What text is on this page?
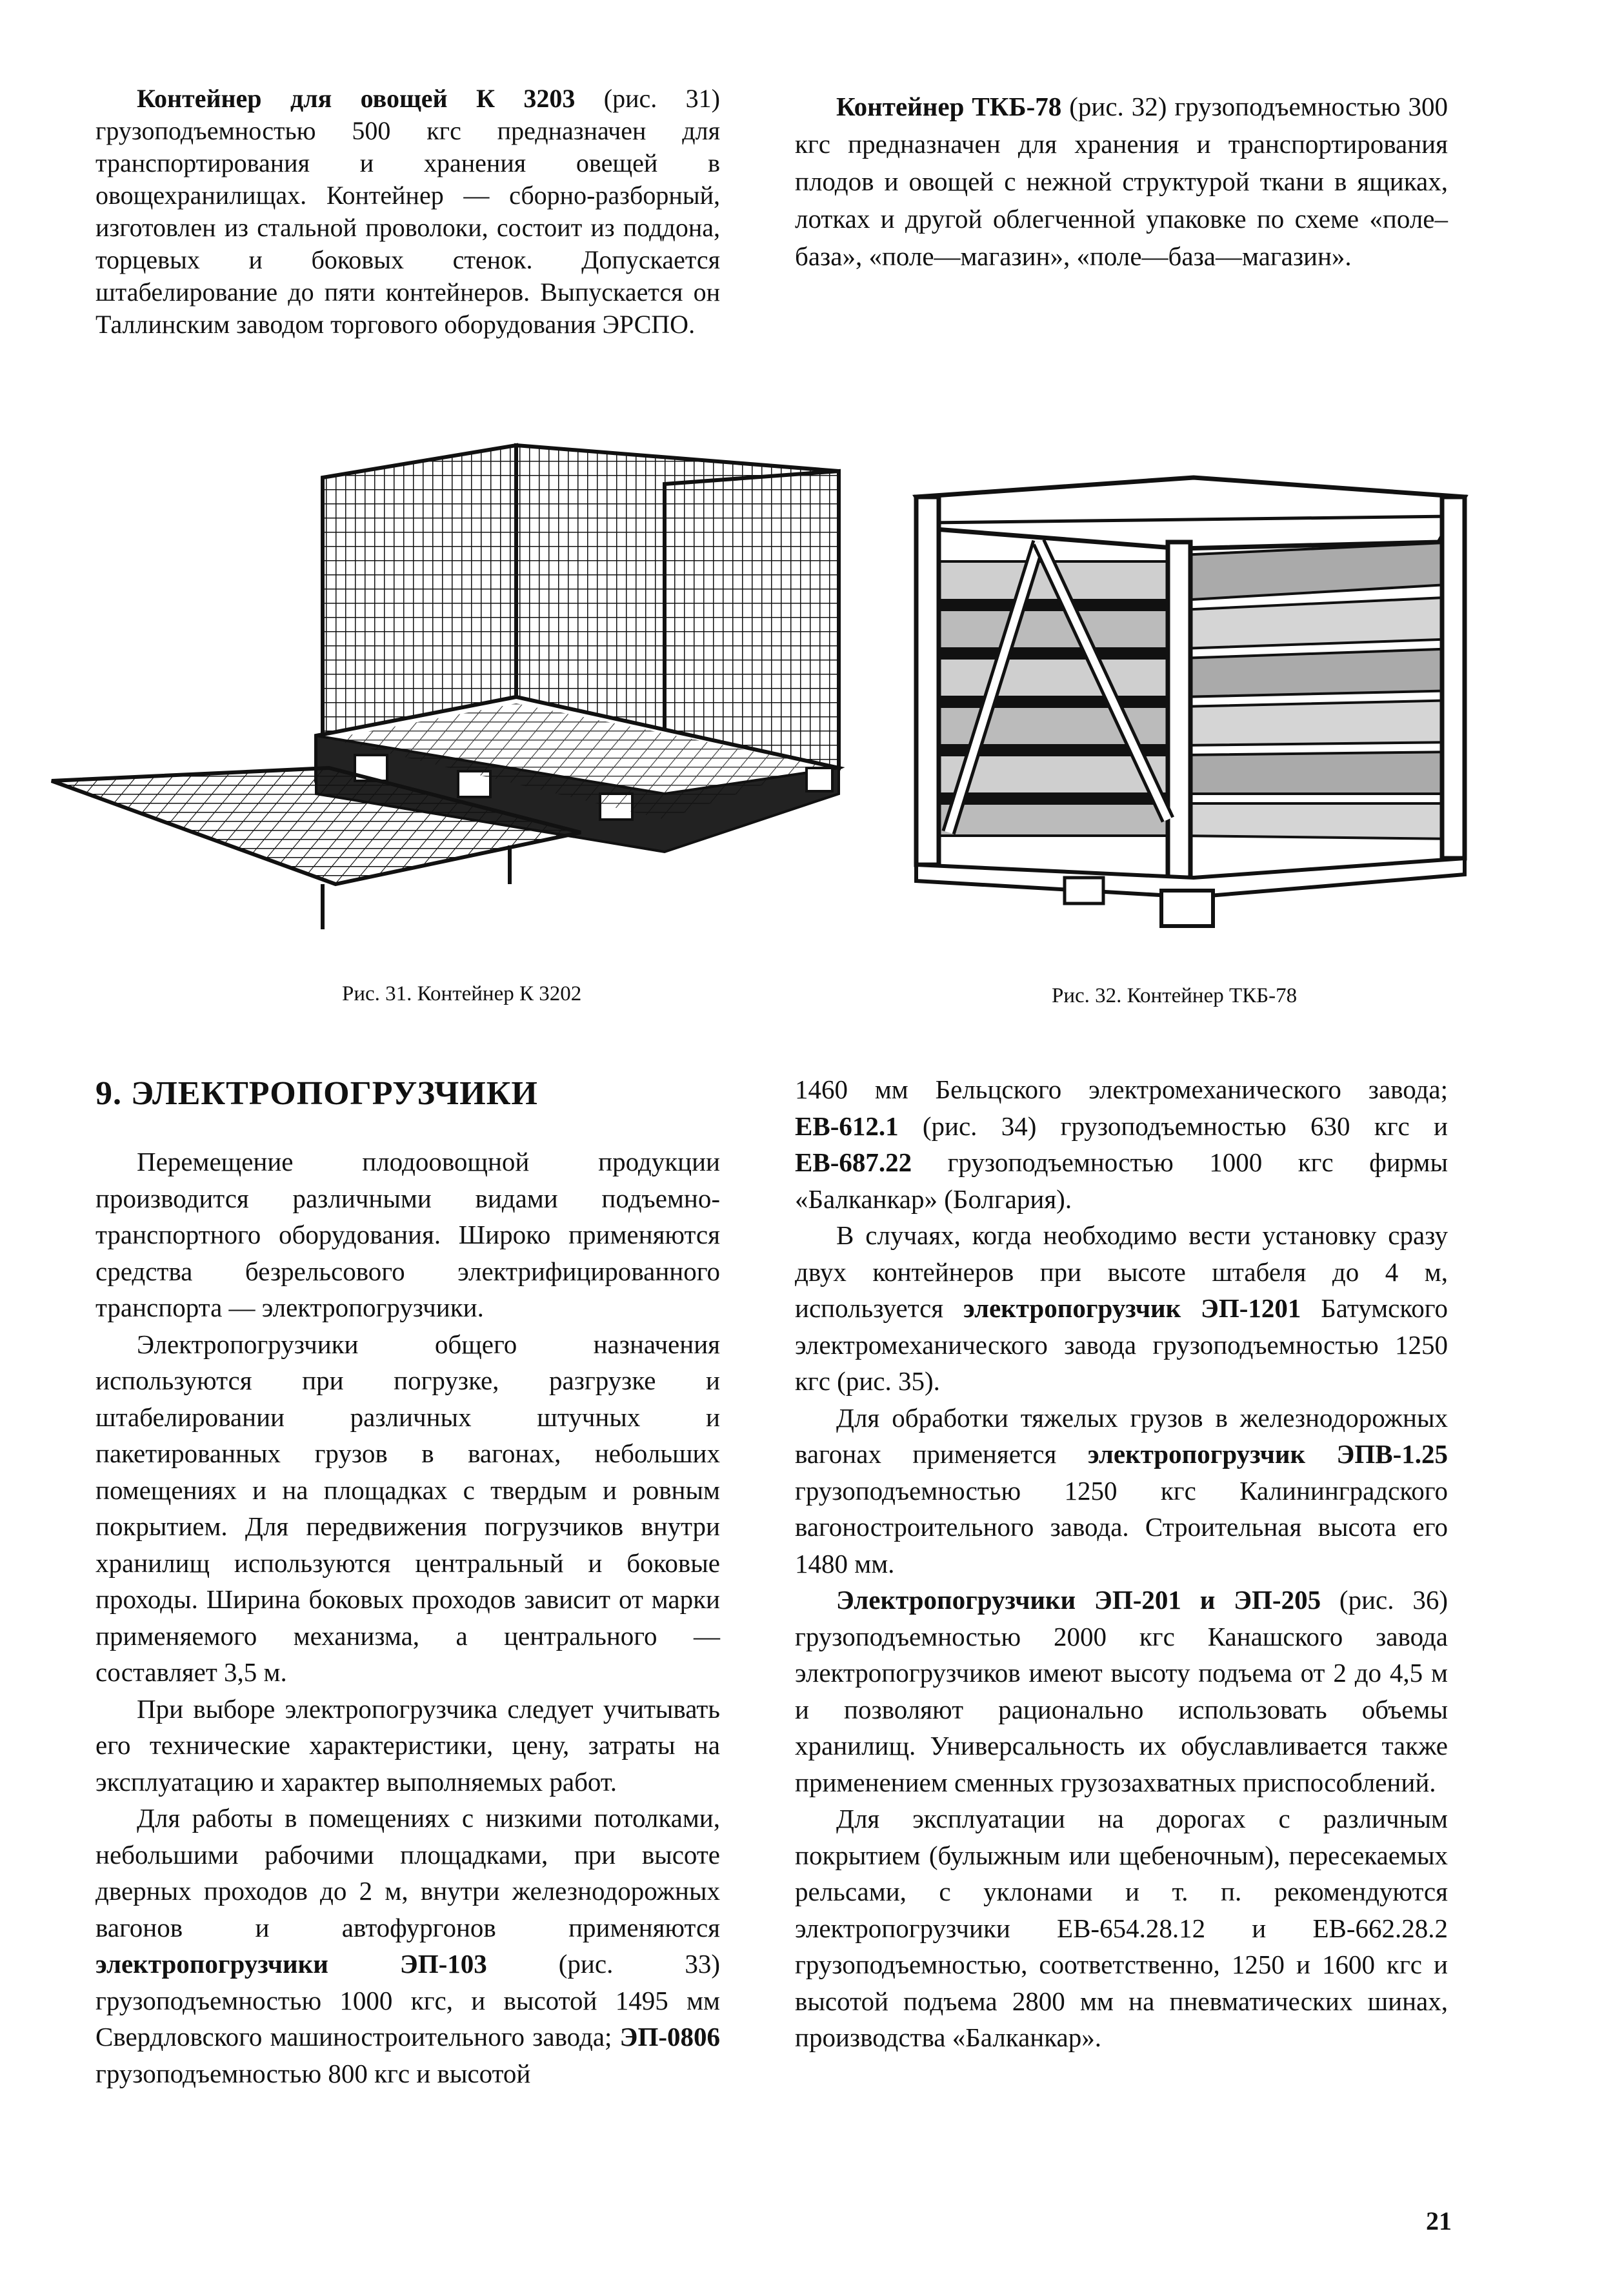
Контейнер для овощей К 3203 (рис. 31) грузоподъемностью 500 кгс предназначен для транспортирования и хранения овещей в овощехранилищах. Контейнер — сборно-разборный, изготовлен из стальной проволоки, состоит из поддона, торцевых и боковых стенок. Допускается штабелирование до пяти контейнеров. Выпускается он Таллинским заводом торгового оборудования ЭРСПО.

Контейнер ТКБ-78 (рис. 32) грузоподъемностью 300 кгс предназначен для хранения и транспортирования плодов и овощей с нежной структурой ткани в ящиках, лотках и другой облегченной упаковке по схеме «поле–база», «поле—магазин», «поле—база—магазин».

Рис. 31. Контейнер К 3202	Рис. 32. Контейнер ТКБ-78
9. ЭЛЕКТРОПОГРУЗЧИКИ

Перемещение плодоовощной продукции производится различными видами подъемно-транспортного оборудования. Широко применяются средства безрельсового электрифицированного транспорта — электропогрузчики.

Электропогрузчики общего назначения используются при погрузке, разгрузке и штабелировании различных штучных и пакетированных грузов в вагонах, небольших помещениях и на площадках с твердым и ровным покрытием. Для передвижения погрузчиков внутри хранилищ используются центральный и боковые проходы. Ширина боковых проходов зависит от марки применяемого механизма, а центрального — составляет 3,5 м.

При выборе электропогрузчика следует учитывать его технические характеристики, цену, затраты на эксплуатацию и характер выполняемых работ.

Для работы в помещениях с низкими потолками, небольшими рабочими площадками, при высоте дверных проходов до 2 м, внутри железнодорожных вагонов и автофургонов применяются электропогрузчики ЭП-103 (рис. 33) грузоподъемностью 1000 кгс, и высотой 1495 мм Свердловского машиностроительного завода; ЭП-0806 грузоподъемностью 800 кгс и высотой

1460 мм Бельцского электромеханического завода; ЕВ-612.1 (рис. 34) грузоподъемностью 630 кгс и ЕВ-687.22 грузоподъемностью 1000 кгс фирмы «Балканкар» (Болгария).

В случаях, когда необходимо вести установку сразу двух контейнеров при высоте штабеля до 4 м, используется электропогрузчик ЭП-1201 Батумского электромеханического завода грузоподъемностью 1250 кгс (рис. 35).

Для обработки тяжелых грузов в железнодорожных вагонах применяется электропогрузчик ЭПВ-1.25 грузоподъемностью 1250 кгс Калининградского вагоностроительного завода. Строительная высота его 1480 мм.

Электропогрузчики ЭП-201 и ЭП-205 (рис. 36) грузоподъемностью 2000 кгс Канашского завода электропогрузчиков имеют высоту подъема от 2 до 4,5 м и позволяют рационально использовать объемы хранилищ. Универсальность их обуславливается также применением сменных грузозахватных приспособлений.

Для эксплуатации на дорогах с различным покрытием (булыжным или щебеночным), пересекаемых рельсами, с уклонами и т. п. рекомендуются электропогрузчики ЕВ-654.28.12 и ЕВ-662.28.2 грузоподъемностью, соответственно, 1250 и 1600 кгс и высотой подъема 2800 мм на пневматических шинах, производства «Балканкар».

21
